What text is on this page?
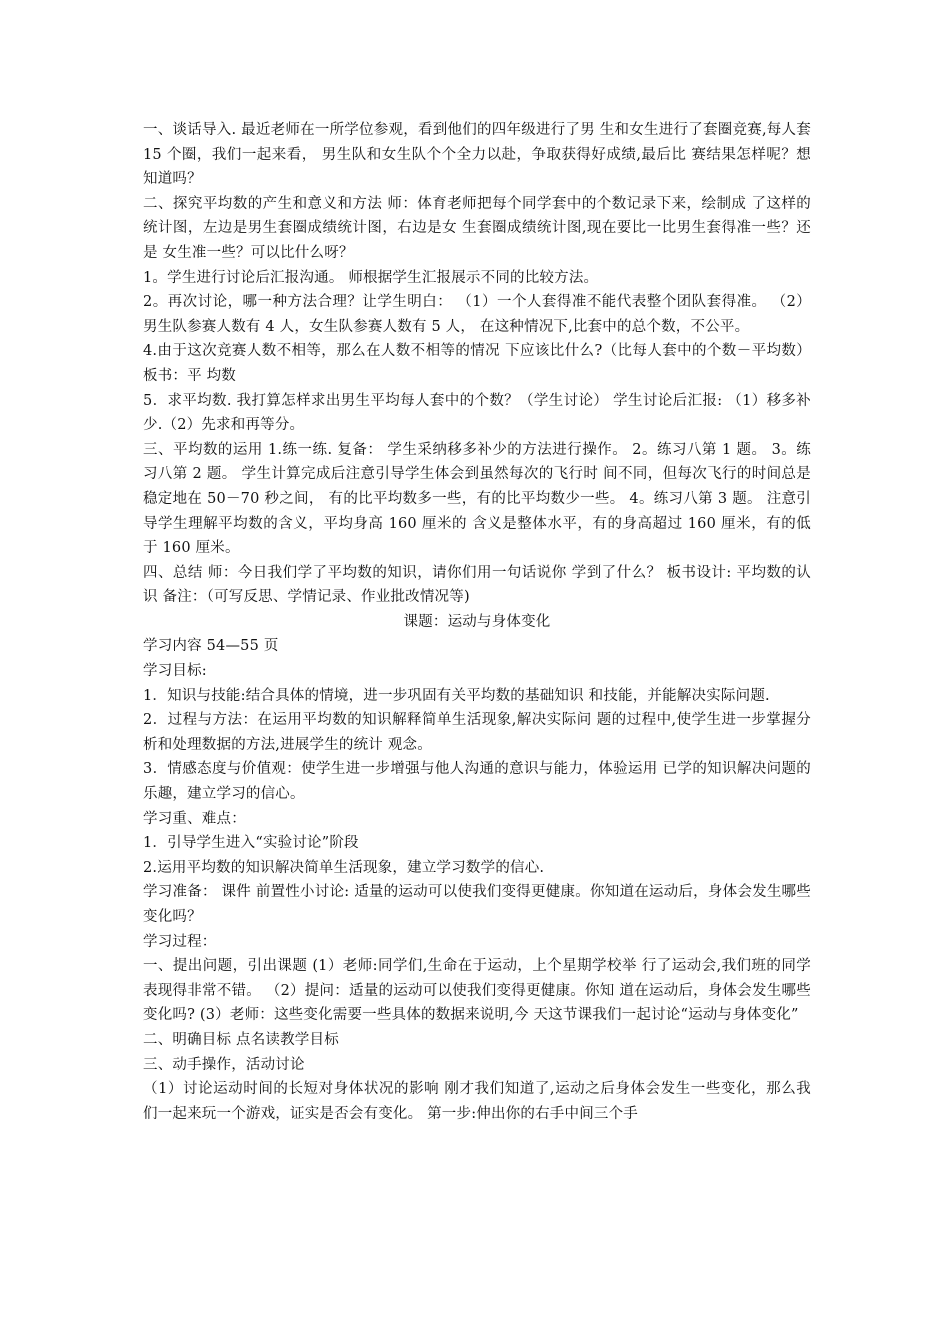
一、谈话导入. 最近老师在一所学位参观，看到他们的四年级进行了男 生和女生进行了套圈竞赛,每人套 15 个圈，我们一起来看， 男生队和女生队个个全力以赴，争取获得好成绩,最后比 赛结果怎样呢？想知道吗？

二、探究平均数的产生和意义和方法 师：体育老师把每个同学套中的个数记录下来，绘制成 了这样的统计图，左边是男生套圈成绩统计图，右边是女 生套圈成绩统计图,现在要比一比男生套得准一些？还是 女生准一些？可以比什么呀？

1。学生进行讨论后汇报沟通。 师根据学生汇报展示不同的比较方法。

2。再次讨论，哪一种方法合理？让学生明白： （1）一个人套得准不能代表整个团队套得准。 （2）男生队参赛人数有 4 人，女生队参赛人数有 5 人， 在这种情况下,比套中的总个数，不公平。

4.由于这次竞赛人数不相等，那么在人数不相等的情况 下应该比什么?（比每人套中的个数－平均数）板书：平 均数

5．求平均数. 我打算怎样求出男生平均每人套中的个数？（学生讨论） 学生讨论后汇报: （1）移多补少.（2）先求和再等分。

三、平均数的运用 1.练一练. 复备： 学生采纳移多补少的方法进行操作。 2。练习八第 1 题。 3。练习八第 2 题。 学生计算完成后注意引导学生体会到虽然每次的飞行时 间不同，但每次飞行的时间总是稳定地在 50－70 秒之间， 有的比平均数多一些，有的比平均数少一些。 4。练习八第 3 题。 注意引导学生理解平均数的含义，平均身高 160 厘米的 含义是整体水平，有的身高超过 160 厘米，有的低于 160 厘米。

四、总结 师：今日我们学了平均数的知识，请你们用一句话说你 学到了什么？ 板书设计: 平均数的认识 备注：（可写反思、学情记录、作业批改情况等)

课题：运动与身体变化

学习内容 54—55 页

学习目标:

1．知识与技能:结合具体的情境，进一步巩固有关平均数的基础知识 和技能，并能解决实际问题.

2．过程与方法：在运用平均数的知识解释简单生活现象,解决实际问 题的过程中,使学生进一步掌握分析和处理数据的方法,进展学生的统计 观念。

3．情感态度与价值观：使学生进一步增强与他人沟通的意识与能力，体验运用 已学的知识解决问题的乐趣，建立学习的信心。

学习重、难点：

1．引导学生进入“实验讨论”阶段

2.运用平均数的知识解决简单生活现象，建立学习数学的信心.

学习准备： 课件 前置性小讨论: 适量的运动可以使我们变得更健康。你知道在运动后，身体会发生哪些变化吗？

学习过程：

一、提出问题，引出课题 (1）老师:同学们,生命在于运动，上个星期学校举 行了运动会,我们班的同学表现得非常不错。 （2）提问：适量的运动可以使我们变得更健康。你知 道在运动后，身体会发生哪些变化吗? (3）老师：这些变化需要一些具体的数据来说明,今 天这节课我们一起讨论“运动与身体变化”

二、明确目标 点名读教学目标

三、动手操作，活动讨论

（1）讨论运动时间的长短对身体状况的影响 刚才我们知道了,运动之后身体会发生一些变化，那么我 们一起来玩一个游戏，证实是否会有变化。 第一步:伸出你的右手中间三个手
